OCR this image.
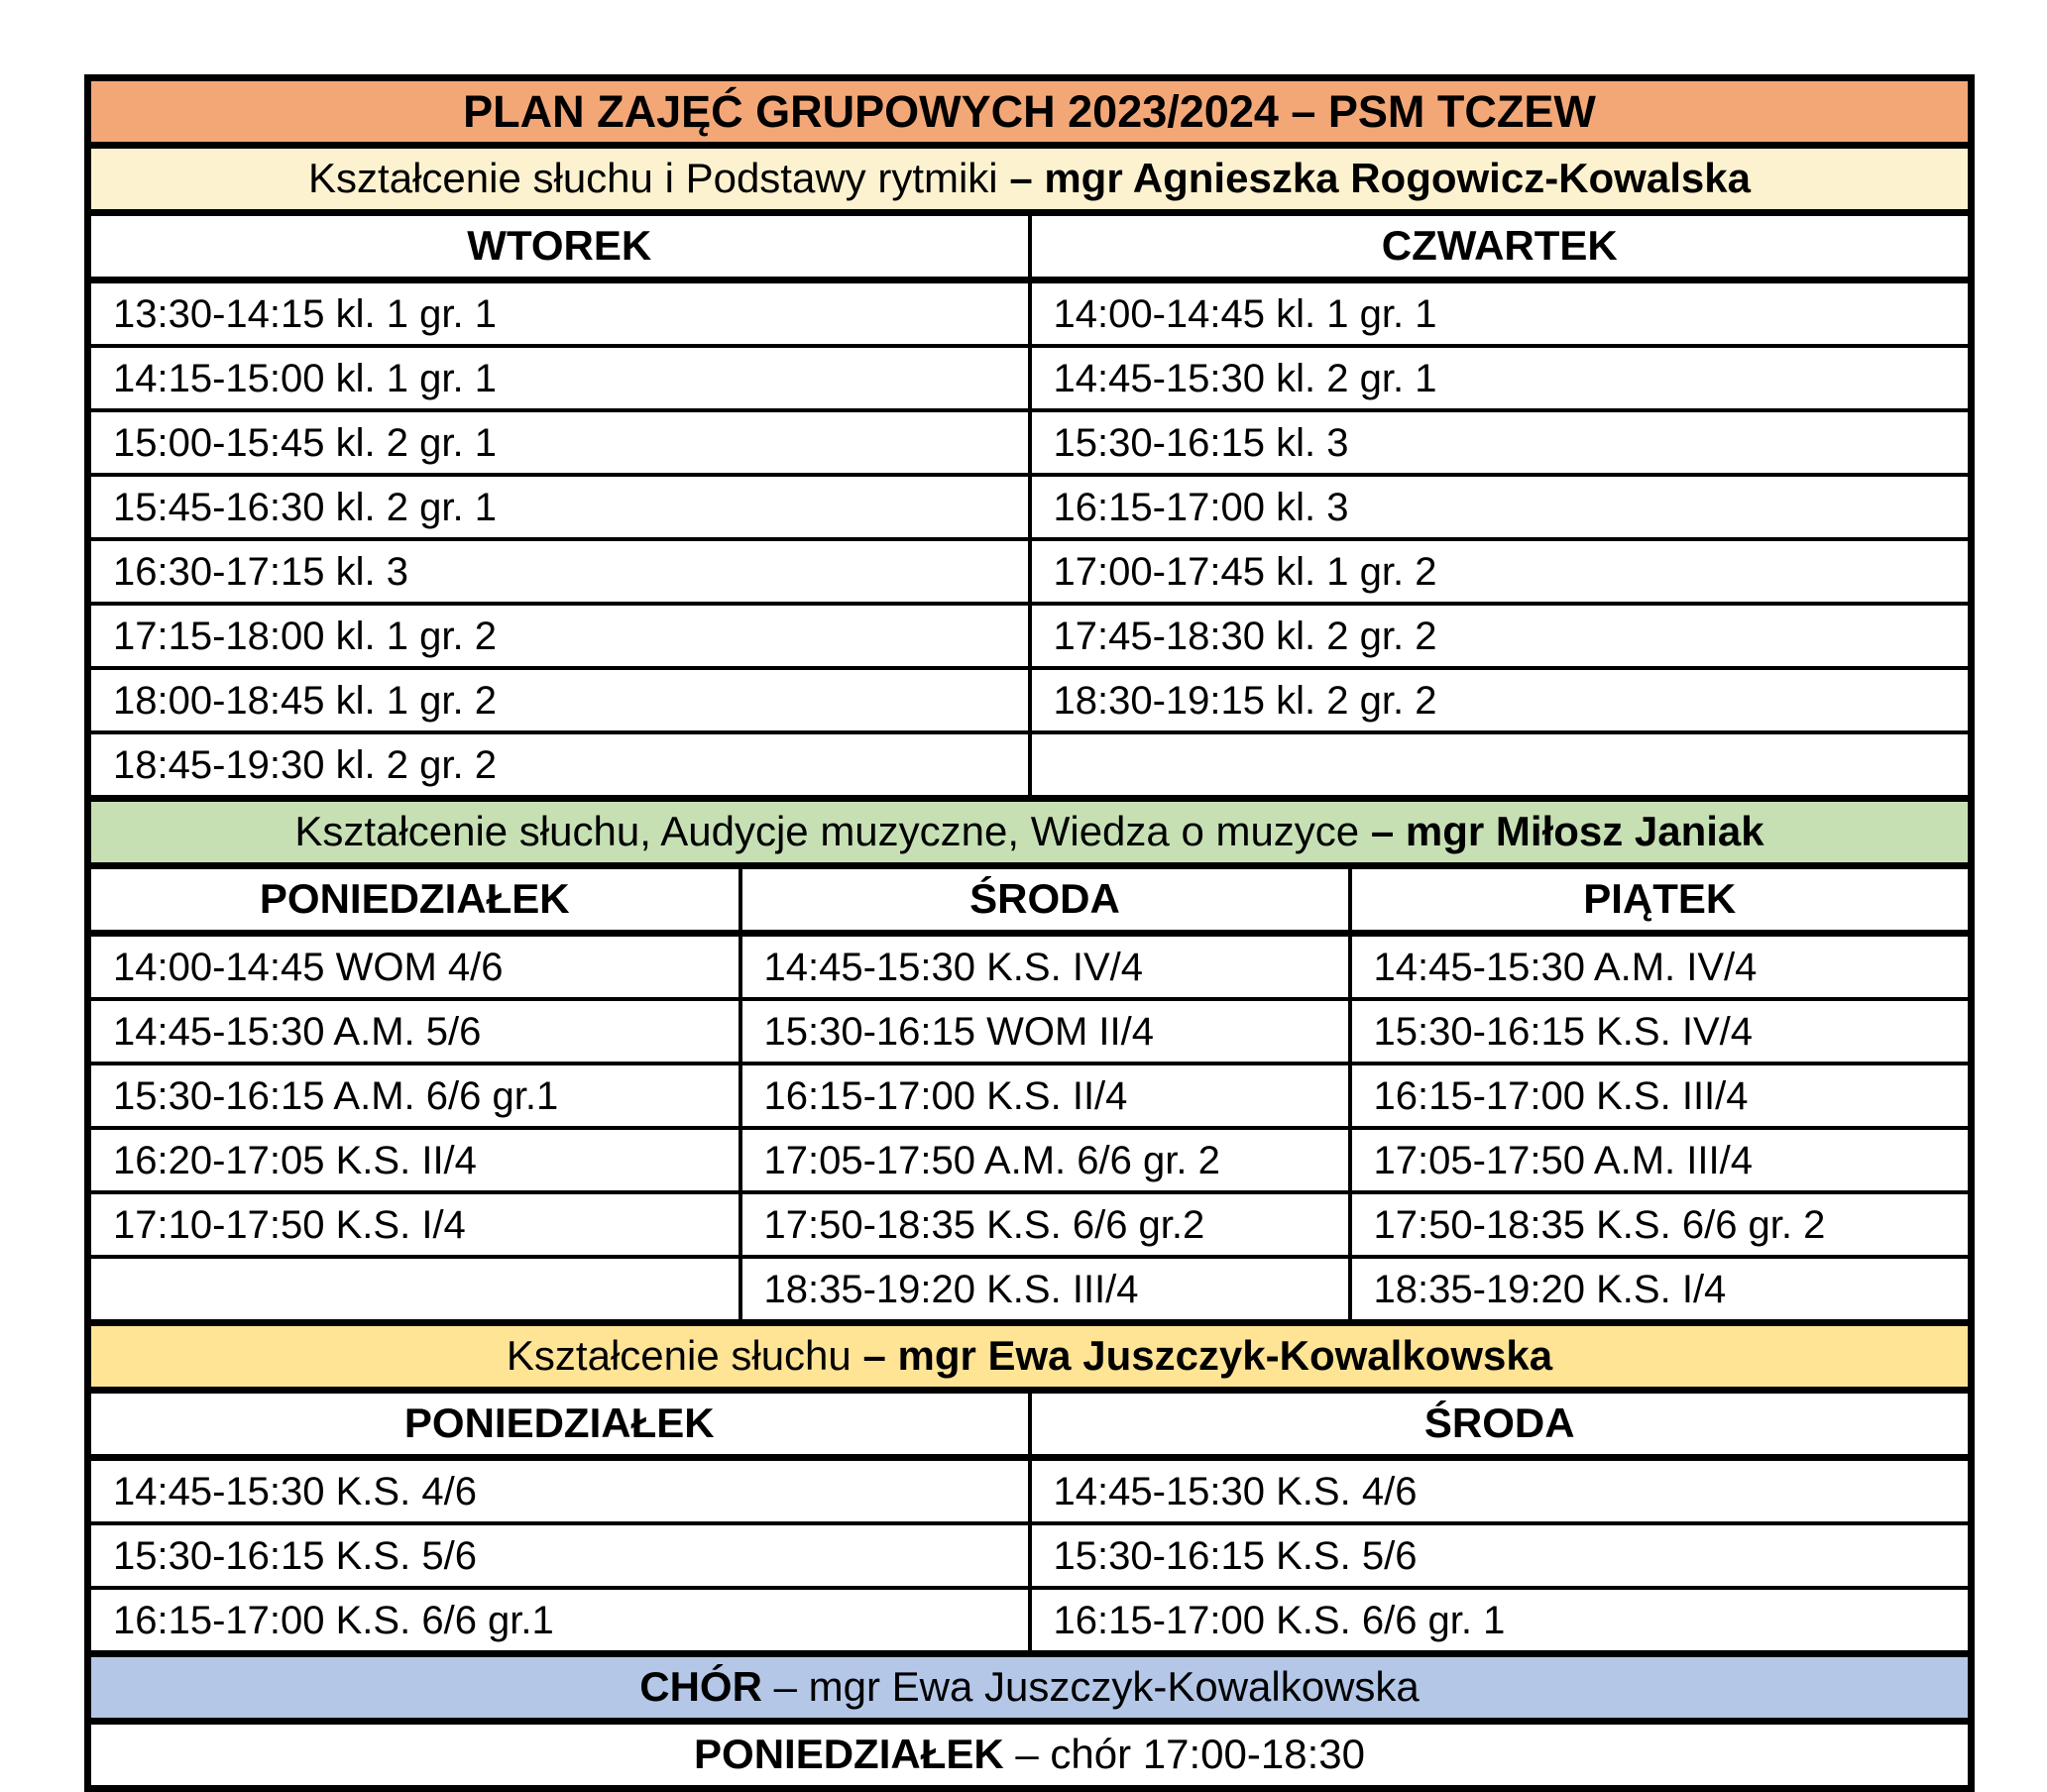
PLAN ZAJĘĆ GRUPOWYCH 2023/2024 – PSM TCZEW			
Kształcenie słuchu i Podstawy rytmiki – mgr Agnieszka Rogowicz-Kowalska			
WTOREK		CZWARTEK	
13:30-14:15 kl. 1 gr. 1		14:00-14:45 kl. 1 gr. 1	
14:15-15:00 kl. 1 gr. 1		14:45-15:30 kl. 2 gr. 1	
15:00-15:45 kl. 2 gr. 1		15:30-16:15 kl. 3	
15:45-16:30 kl. 2 gr. 1		16:15-17:00 kl. 3	
16:30-17:15 kl. 3		17:00-17:45 kl. 1 gr. 2	
17:15-18:00 kl. 1 gr. 2		17:45-18:30 kl. 2 gr. 2	
18:00-18:45 kl. 1 gr. 2		18:30-19:15 kl. 2 gr. 2	
18:45-19:30 kl. 2 gr. 2			
Kształcenie słuchu, Audycje muzyczne, Wiedza o muzyce – mgr Miłosz Janiak			
PONIEDZIAŁEK	ŚRODA		PIĄTEK
14:00-14:45 WOM 4/6	14:45-15:30 K.S. IV/4		14:45-15:30 A.M. IV/4
14:45-15:30 A.M. 5/6	15:30-16:15 WOM II/4		15:30-16:15 K.S. IV/4
15:30-16:15 A.M. 6/6 gr.1	16:15-17:00 K.S. II/4		16:15-17:00 K.S. III/4
16:20-17:05 K.S. II/4	17:05-17:50 A.M. 6/6 gr. 2		17:05-17:50 A.M. III/4
17:10-17:50 K.S. I/4	17:50-18:35 K.S. 6/6 gr.2		17:50-18:35 K.S. 6/6 gr. 2
	18:35-19:20 K.S. III/4		18:35-19:20 K.S. I/4
Kształcenie słuchu – mgr Ewa Juszczyk-Kowalkowska			
PONIEDZIAŁEK		ŚRODA	
14:45-15:30 K.S. 4/6		14:45-15:30 K.S. 4/6	
15:30-16:15 K.S. 5/6		15:30-16:15 K.S. 5/6	
16:15-17:00 K.S. 6/6 gr.1		16:15-17:00 K.S. 6/6 gr. 1	
CHÓR – mgr Ewa Juszczyk-Kowalkowska			
PONIEDZIAŁEK – chór 17:00-18:30			
